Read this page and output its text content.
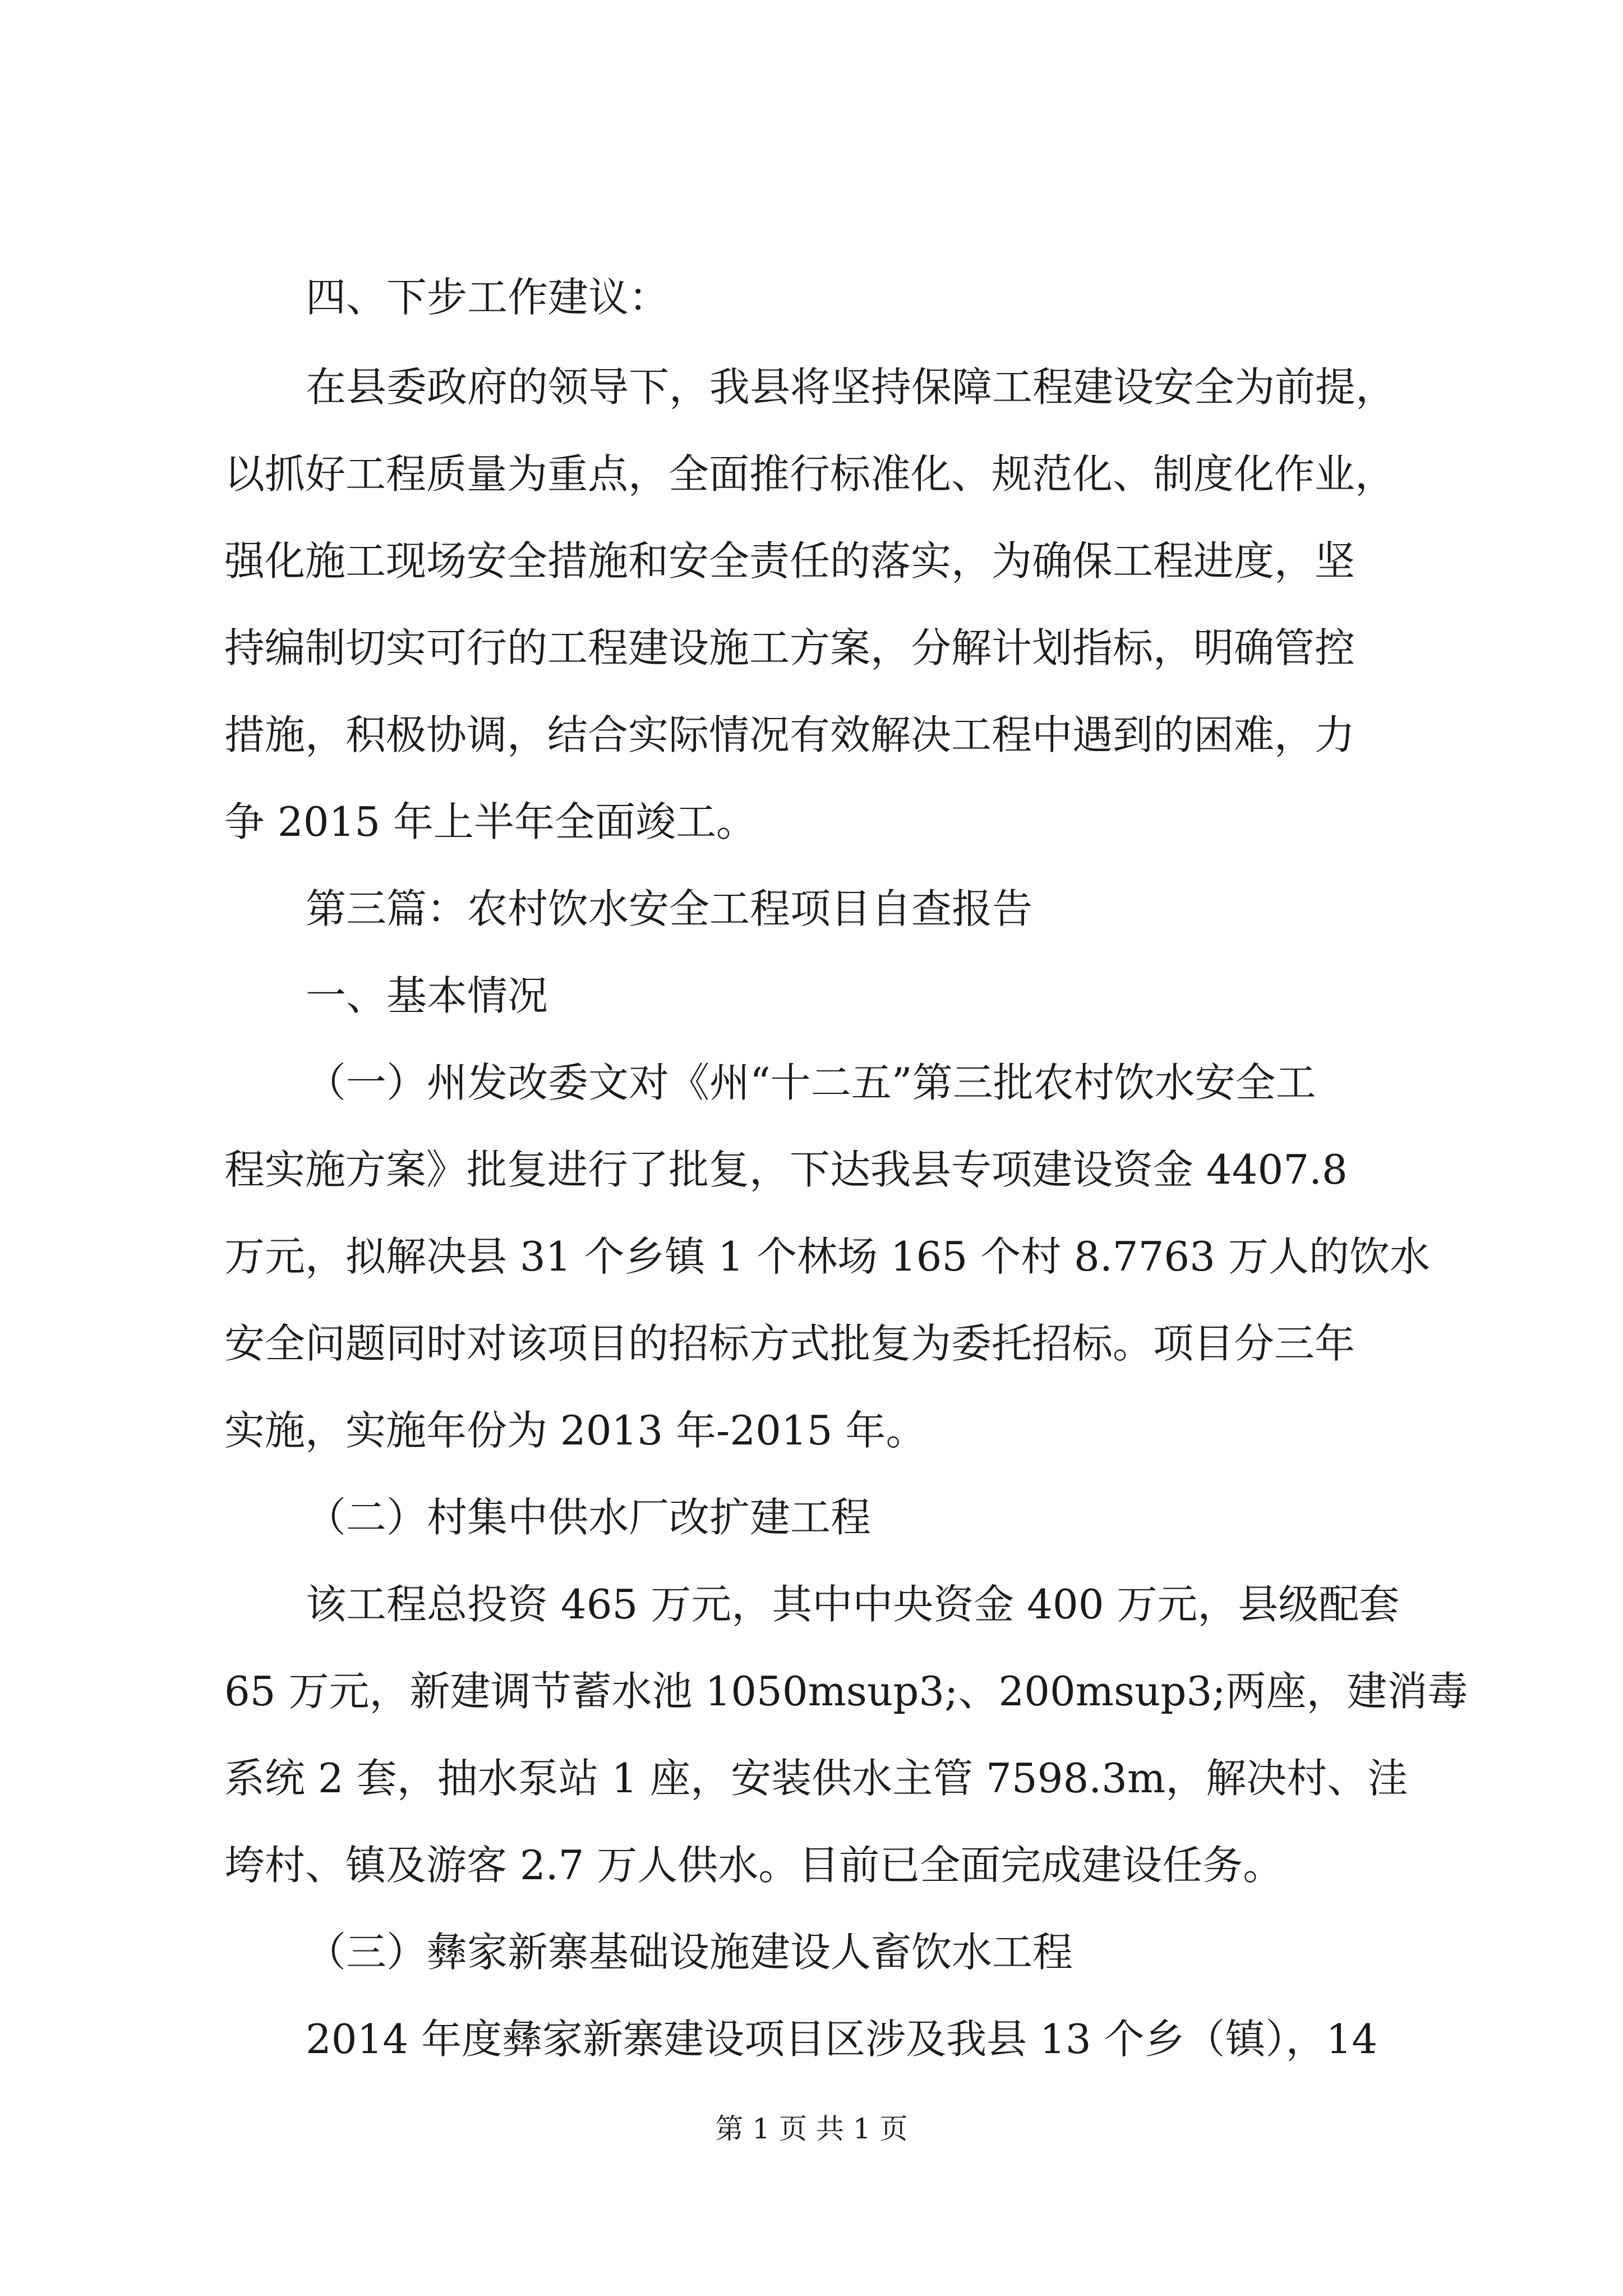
四、下步工作建议：
在县委政府的领导下，我县将坚持保障工程建设安全为前提，
以抓好工程质量为重点，全面推行标准化、规范化、制度化作业，
强化施工现场安全措施和安全责任的落实，为确保工程进度，坚
持编制切实可行的工程建设施工方案，分解计划指标，明确管控
措施，积极协调，结合实际情况有效解决工程中遇到的困难，力
争 2015 年上半年全面竣工。
第三篇：农村饮水安全工程项目自查报告
一、基本情况
（一）州发改委文对《州“十二五”第三批农村饮水安全工
程实施方案》批复进行了批复，下达我县专项建设资金 4407.8
万元，拟解决县 31 个乡镇 1 个林场 165 个村 8.7763 万人的饮水
安全问题同时对该项目的招标方式批复为委托招标。项目分三年
实施，实施年份为 2013 年-2015 年。
（二）村集中供水厂改扩建工程
该工程总投资 465 万元，其中中央资金 400 万元，县级配套
65 万元，新建调节蓄水池 1050msup3;、200msup3;两座，建消毒
系统 2 套，抽水泵站 1 座，安装供水主管 7598.3m，解决村、洼
垮村、镇及游客 2.7 万人供水。目前已全面完成建设任务。
（三）彝家新寨基础设施建设人畜饮水工程
2014 年度彝家新寨建设项目区涉及我县 13 个乡（镇），14
第 1 页 共 1 页
